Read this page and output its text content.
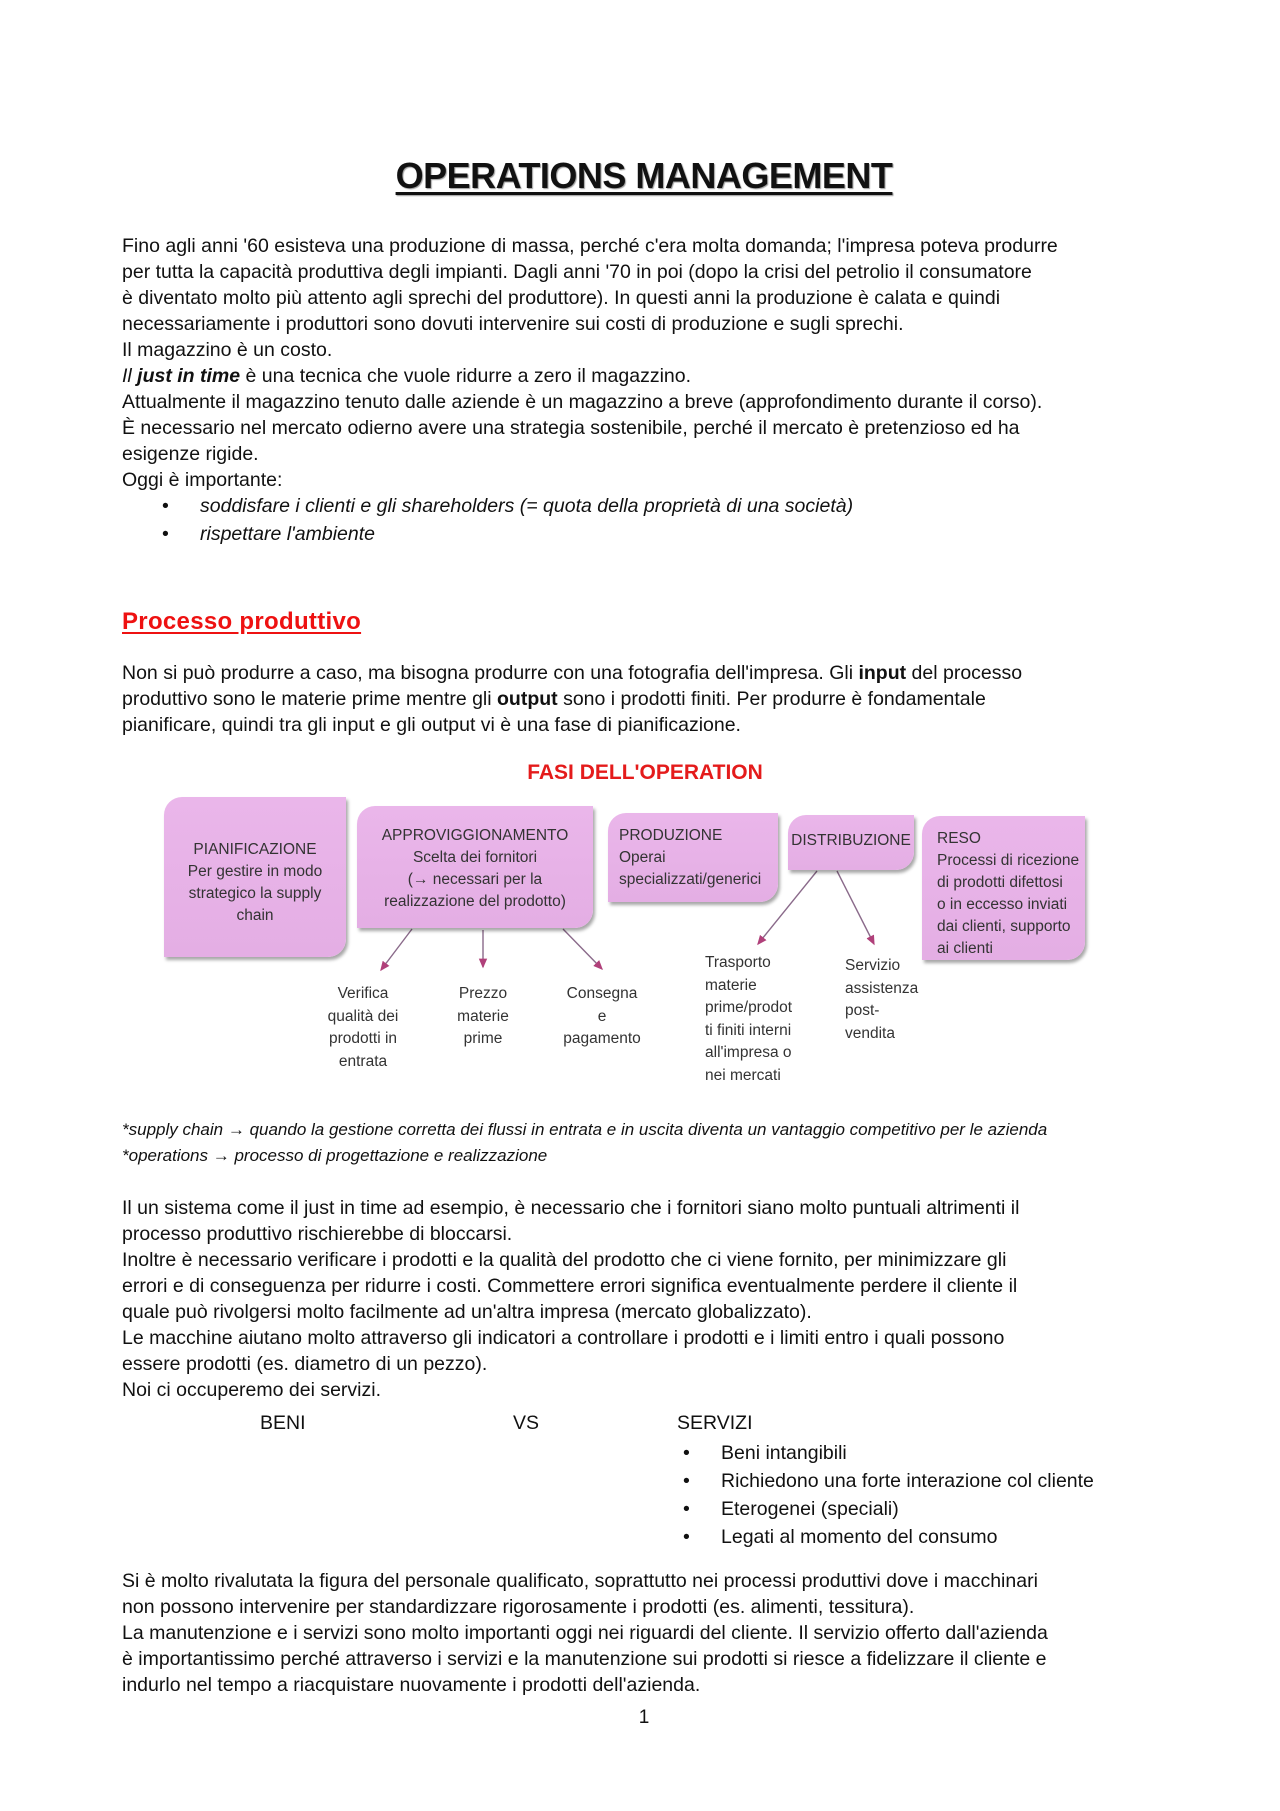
OPERATIONS MANAGEMENT
Fino agli anni '60 esisteva una produzione di massa, perché c'era molta domanda; l'impresa poteva produrre
per tutta la capacità produttiva degli impianti. Dagli anni '70 in poi (dopo la crisi del petrolio il consumatore
è diventato molto più attento agli sprechi del produttore). In questi anni la produzione è calata e quindi
necessariamente i produttori sono dovuti intervenire sui costi di produzione e sugli sprechi.
Il magazzino è un costo.
Il just in time è una tecnica che vuole ridurre a zero il magazzino.
Attualmente il magazzino tenuto dalle aziende è un magazzino a breve (approfondimento durante il corso).
È necessario nel mercato odierno avere una strategia sostenibile, perché il mercato è pretenzioso ed ha
esigenze rigide.
Oggi è importante:
• soddisfare i clienti e gli shareholders (= quota della proprietà di una società)
• rispettare l'ambiente
Processo produttivo
Non si può produrre a caso, ma bisogna produrre con una fotografia dell'impresa. Gli input del processo
produttivo sono le materie prime mentre gli output sono i prodotti finiti. Per produrre è fondamentale
pianificare, quindi tra gli input e gli output vi è una fase di pianificazione.
FASI DELL'OPERATION
PIANIFICAZIONE
Per gestire in modo
strategico la supply
chain
APPROVIGGIONAMENTO
Scelta dei fornitori
(→ necessari per la
realizzazione del prodotto)
PRODUZIONE
Operai
specializzati/generici
DISTRIBUZIONE RESO
Processi di ricezione
di prodotti difettosi
o in eccesso inviati
dai clienti, supporto
ai clienti
Verifica
qualità dei
prodotti in
entrata
Prezzo
materie
prime
Consegna
e
pagamento
Trasporto
materie
prime/prodot
ti finiti interni
all'impresa o
nei mercati
Servizio
assistenza
post-
vendita
*supply chain → quando la gestione corretta dei flussi in entrata e in uscita diventa un vantaggio competitivo per le azienda
*operations → processo di progettazione e realizzazione
Il un sistema come il just in time ad esempio, è necessario che i fornitori siano molto puntuali altrimenti il
processo produttivo rischierebbe di bloccarsi.
Inoltre è necessario verificare i prodotti e la qualità del prodotto che ci viene fornito, per minimizzare gli
errori e di conseguenza per ridurre i costi. Commettere errori significa eventualmente perdere il cliente il
quale può rivolgersi molto facilmente ad un'altra impresa (mercato globalizzato).
Le macchine aiutano molto attraverso gli indicatori a controllare i prodotti e i limiti entro i quali possono
essere prodotti (es. diametro di un pezzo).
Noi ci occuperemo dei servizi.
BENI	VS	SERVIZI
• Beni intangibili
• Richiedono una forte interazione col cliente
• Eterogenei (speciali)
• Legati al momento del consumo
Si è molto rivalutata la figura del personale qualificato, soprattutto nei processi produttivi dove i macchinari
non possono intervenire per standardizzare rigorosamente i prodotti (es. alimenti, tessitura).
La manutenzione e i servizi sono molto importanti oggi nei riguardi del cliente. Il servizio offerto dall'azienda
è importantissimo perché attraverso i servizi e la manutenzione sui prodotti si riesce a fidelizzare il cliente e
indurlo nel tempo a riacquistare nuovamente i prodotti dell'azienda.
1
